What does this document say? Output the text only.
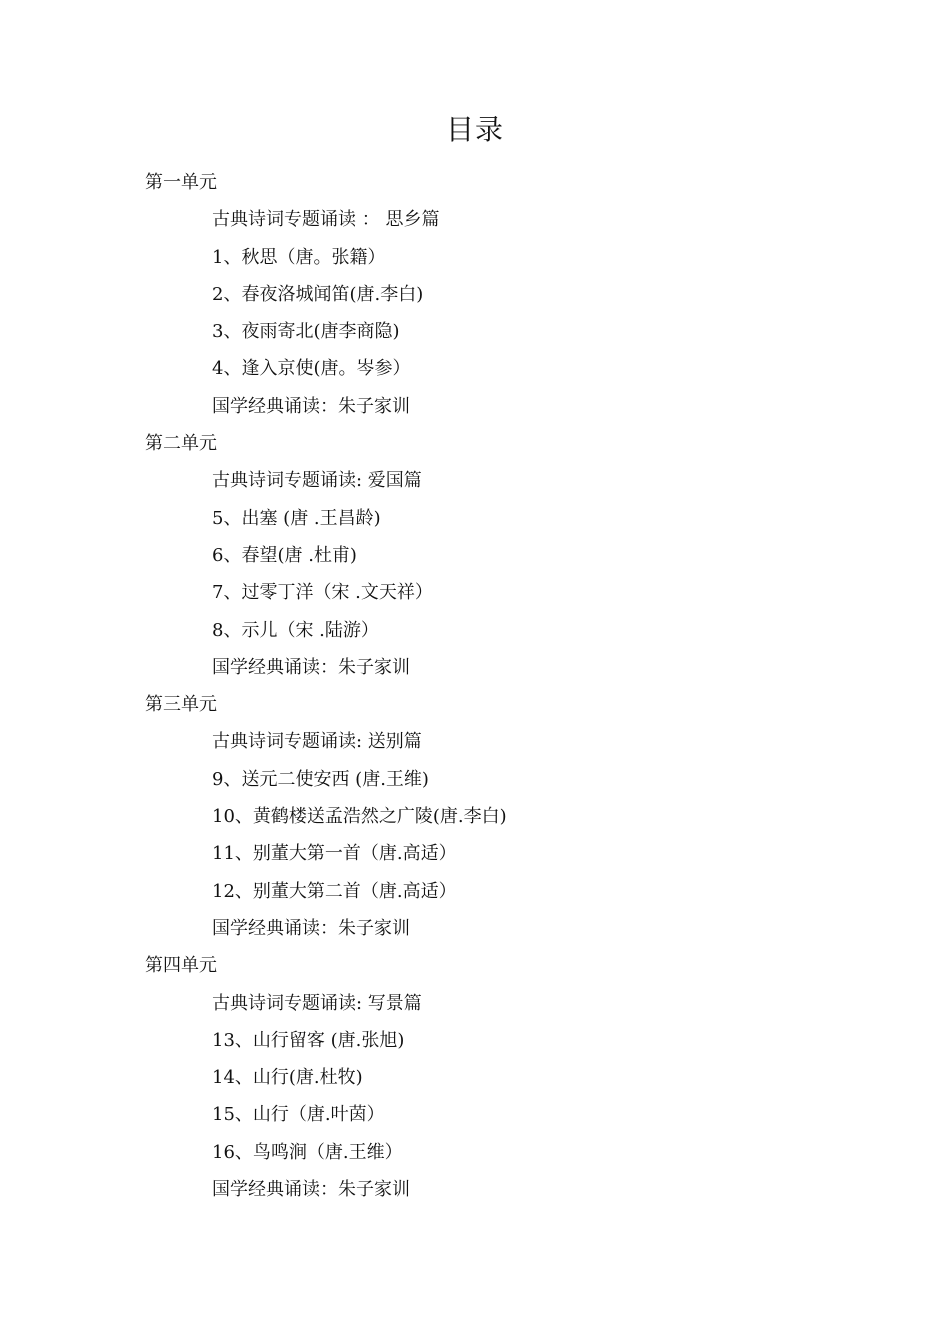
目录
第一单元
古典诗词专题诵读 ： 思乡篇
1、秋思（唐。张籍）
2、春夜洛城闻笛(唐.李白)
3、夜雨寄北(唐李商隐)
4、逢入京使(唐。岑参）
国学经典诵读：朱子家训
第二单元
古典诗词专题诵读: 爱国篇
5、出塞 (唐 .王昌龄)
6、春望(唐 .杜甫)
7、过零丁洋（宋 .文天祥）
8、示儿（宋 .陆游）
国学经典诵读：朱子家训
第三单元
古典诗词专题诵读: 送别篇
9、送元二使安西 (唐.王维)
10、黄鹤楼送孟浩然之广陵(唐.李白)
11、别董大第一首（唐.高适）
12、别董大第二首（唐.高适）
国学经典诵读：朱子家训
第四单元
古典诗词专题诵读: 写景篇
13、山行留客 (唐.张旭)
14、山行(唐.杜牧)
15、山行（唐.叶茵）
16、鸟鸣涧（唐.王维）
国学经典诵读：朱子家训
